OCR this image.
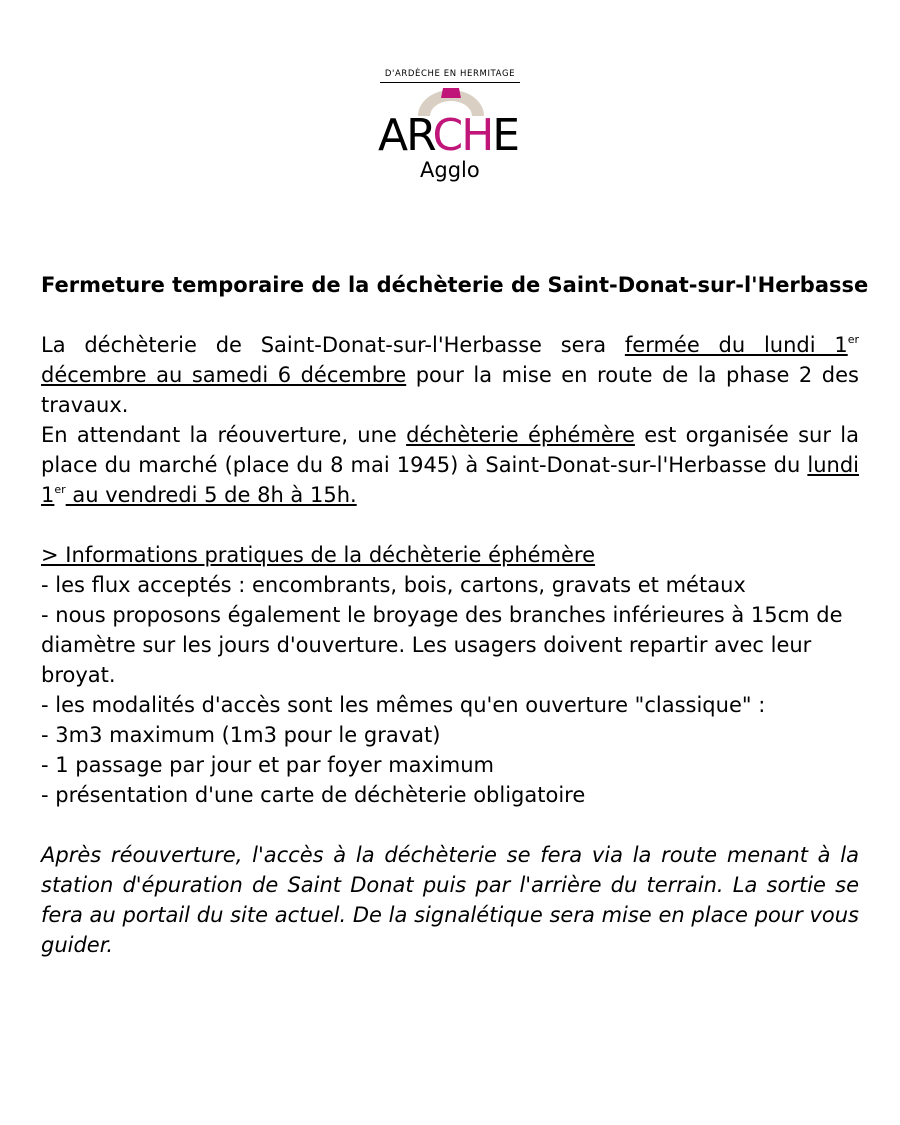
D'ARDÈCHE EN HERMITAGE
ARCHE
Agglo

Fermeture temporaire de la déchèterie de Saint-Donat-sur-l'Herbasse

La déchèterie de Saint-Donat-sur-l'Herbasse sera fermée du lundi 1er décembre au samedi 6 décembre pour la mise en route de la phase 2 des travaux.

En attendant la réouverture, une déchèterie éphémère est organisée sur la place du marché (place du 8 mai 1945) à Saint-Donat-sur-l'Herbasse du lundi 1er au vendredi 5 de 8h à 15h.

> Informations pratiques de la déchèterie éphémère

- les flux acceptés : encombrants, bois, cartons, gravats et métaux

- nous proposons également le broyage des branches inférieures à 15cm de diamètre sur les jours d'ouverture. Les usagers doivent repartir avec leur broyat.

- les modalités d'accès sont les mêmes qu'en ouverture "classique" :

- 3m3 maximum (1m3 pour le gravat)

- 1 passage par jour et par foyer maximum

- présentation d'une carte de déchèterie obligatoire

Après réouverture, l'accès à la déchèterie se fera via la route menant à la station d'épuration de Saint Donat puis par l'arrière du terrain. La sortie se fera au portail du site actuel. De la signalétique sera mise en place pour vous guider.
